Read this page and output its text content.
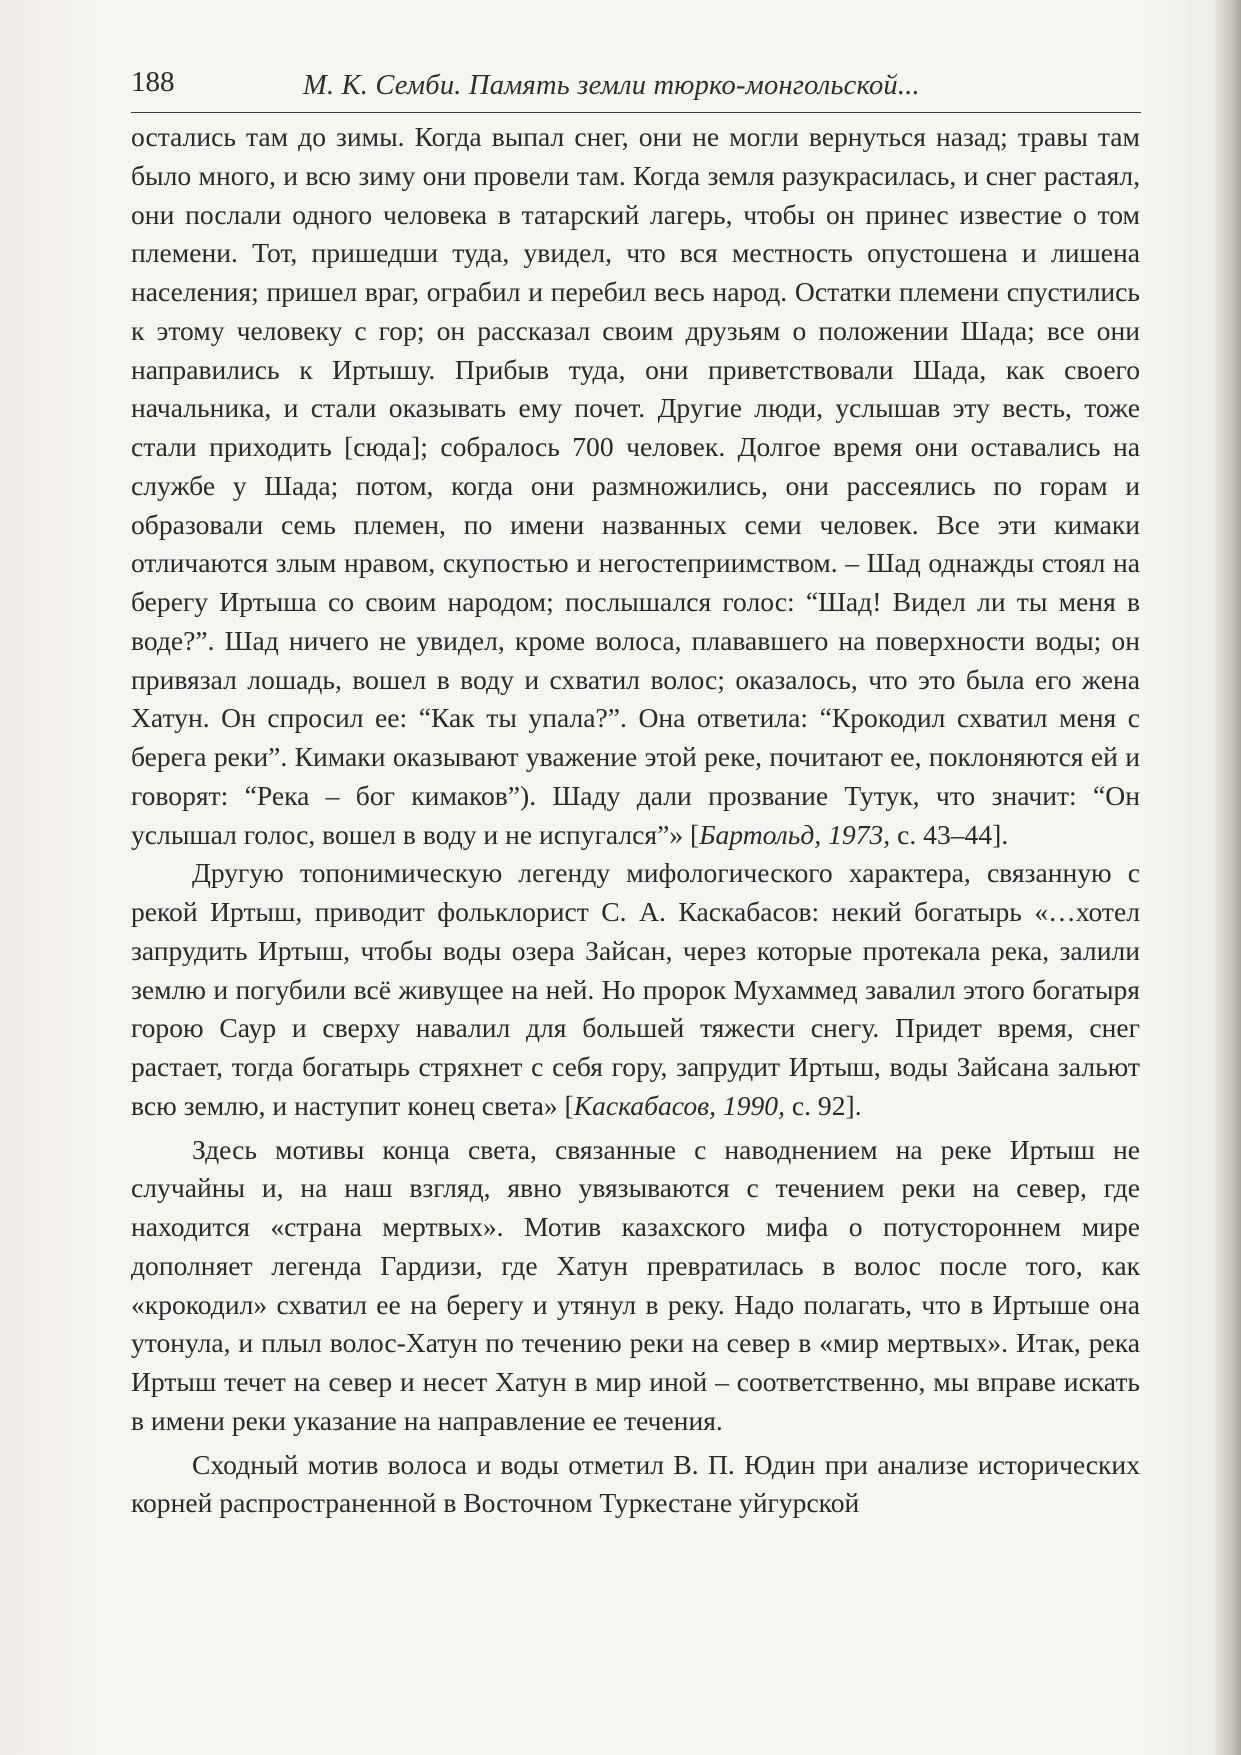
188	М. К. Семби. Память земли тюрко-монгольской...

остались там до зимы. Когда выпал снег, они не могли вернуться назад; травы там было много, и всю зиму они провели там. Когда земля разукрасилась, и снег растаял, они послали одного человека в татарский лагерь, чтобы он принес известие о том племени. Тот, пришедши туда, увидел, что вся местность опустошена и лишена населения; пришел враг, ограбил и перебил весь народ. Остатки племени спустились к этому человеку с гор; он рассказал своим друзьям о положении Шада; все они направились к Иртышу. Прибыв туда, они приветствовали Шада, как своего начальника, и стали оказывать ему почет. Другие люди, услышав эту весть, тоже стали приходить [сюда]; собралось 700 человек. Долгое время они оставались на службе у Шада; потом, когда они размножились, они рассеялись по горам и образовали семь племен, по имени названных семи человек. Все эти кимаки отличаются злым нравом, скупостью и негостеприимством. – Шад однажды стоял на берегу Иртыша со своим народом; послышался голос: “Шад! Видел ли ты меня в воде?”. Шад ничего не увидел, кроме волоса, плававшего на поверхности воды; он привязал лошадь, вошел в воду и схватил волос; оказалось, что это была его жена Хатун. Он спросил ее: “Как ты упала?”. Она ответила: “Крокодил схватил меня с берега реки”. Кимаки оказывают уважение этой реке, почитают ее, поклоняются ей и говорят: “Река – бог кимаков”). Шаду дали прозвание Тутук, что значит: “Он услышал голос, вошел в воду и не испугался”» [Бартольд, 1973, с. 43–44].

Другую топонимическую легенду мифологического характера, связанную с рекой Иртыш, приводит фольклорист С. А. Каскабасов: некий богатырь «…хотел запрудить Иртыш, чтобы воды озера Зайсан, через которые протекала река, залили землю и погубили всё живущее на ней. Но пророк Мухаммед завалил этого богатыря горою Саур и сверху навалил для большей тяжести снегу. Придет время, снег растает, тогда богатырь стряхнет с себя гору, запрудит Иртыш, воды Зайсана зальют всю землю, и наступит конец света» [Каскабасов, 1990, с. 92].

Здесь мотивы конца света, связанные с наводнением на реке Иртыш не случайны и, на наш взгляд, явно увязываются с течением реки на север, где находится «страна мертвых». Мотив казахского мифа о потустороннем мире дополняет легенда Гардизи, где Хатун превратилась в волос после того, как «крокодил» схватил ее на берегу и утянул в реку. Надо полагать, что в Иртыше она утонула, и плыл волос-Хатун по течению реки на север в «мир мертвых». Итак, река Иртыш течет на север и несет Хатун в мир иной – соответственно, мы вправе искать в имени реки указание на направление ее течения.

Сходный мотив волоса и воды отметил В. П. Юдин при анализе исторических корней распространенной в Восточном Туркестане уйгурской
